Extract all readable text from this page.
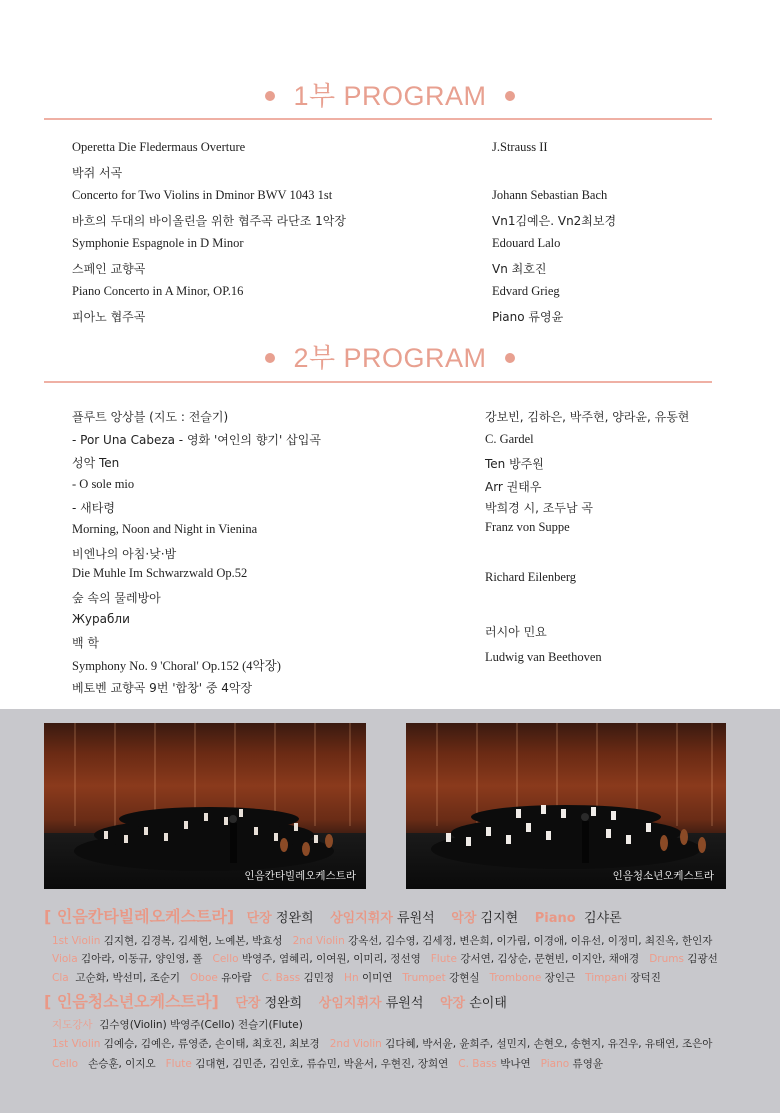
1부 PROGRAM
Operetta Die Fledermaus Overture
박쥐 서곡
Concerto for Two Violins in Dminor BWV 1043 1st
바흐의 두대의 바이올린을 위한 협주곡 라단조 1악장
Symphonie Espagnole in D Minor
스페인 교향곡
Piano Concerto in A Minor, OP.16
피아노 협주곡
J.Strauss II
Johann Sebastian Bach
Vn1김예은. Vn2최보경
Edouard Lalo
Vn 최호진
Edvard Grieg
Piano 류영윤
2부 PROGRAM
플루트 앙상블 (지도 : 전슬기)
- Por Una Cabeza - 영화 '여인의 향기' 삽입곡
성악 Ten
- O sole mio
- 새타령
Morning, Noon and Night in Vienina
비엔나의 아침·낮·밤
Die Muhle Im Schwarzwald Op.52
숲 속의 물레방아
Журабли
백 학
Symphony No. 9 'Choral' Op.152 (4악장)
베토벤 교향곡 9번 '합창' 중 4악장
강보빈, 김하은, 박주현, 양라윤, 유동현
C. Gardel
Ten 방주원
Arr 권태우
박희경 시, 조두남 곡
Franz von Suppe
Richard Eilenberg
러시아 민요
Ludwig van Beethoven
인음칸타빌레오케스트라	인음청소년오케스트라
[ 인음칸타빌레오케스트라] 단장 정완희 상임지휘자 류원석 악장 김지현 Piano 김샤론
1st Violin 김지현, 김경복, 김세현, 노예본, 박효성 2nd Violin 강옥선, 김수영, 김세정, 변은희, 이가림, 이경애, 이유선, 이정미, 최진옥, 한인자
Viola 김아라, 이동규, 양인영, 폴 Cello 박영주, 염혜리, 이여원, 이미리, 정선영 Flute 강서연, 김상순, 문현빈, 이지안, 채애경 Drums 김광선
Cla 고순화, 박선미, 조순기 Oboe 유아람 C. Bass 김민정 Hn 이미연 Trumpet 강현실 Trombone 장인근 Timpani 장덕진
[ 인음청소년오케스트라] 단장 정완희 상임지휘자 류원석 악장 손이태
지도강사 김수영(Violin) 박영주(Cello) 전슬기(Flute)
1st Violin 김예승, 김예은, 류영준, 손이태, 최호진, 최보경 2nd Violin 김다혜, 박서윤, 윤희주, 설민지, 손현오, 송현지, 유건우, 유태연, 조은아
Cello 손승훈, 이지오 Flute 김대현, 김민준, 김인호, 류슈민, 박윤서, 우현진, 장희연 C. Bass 박나연 Piano 류영윤
